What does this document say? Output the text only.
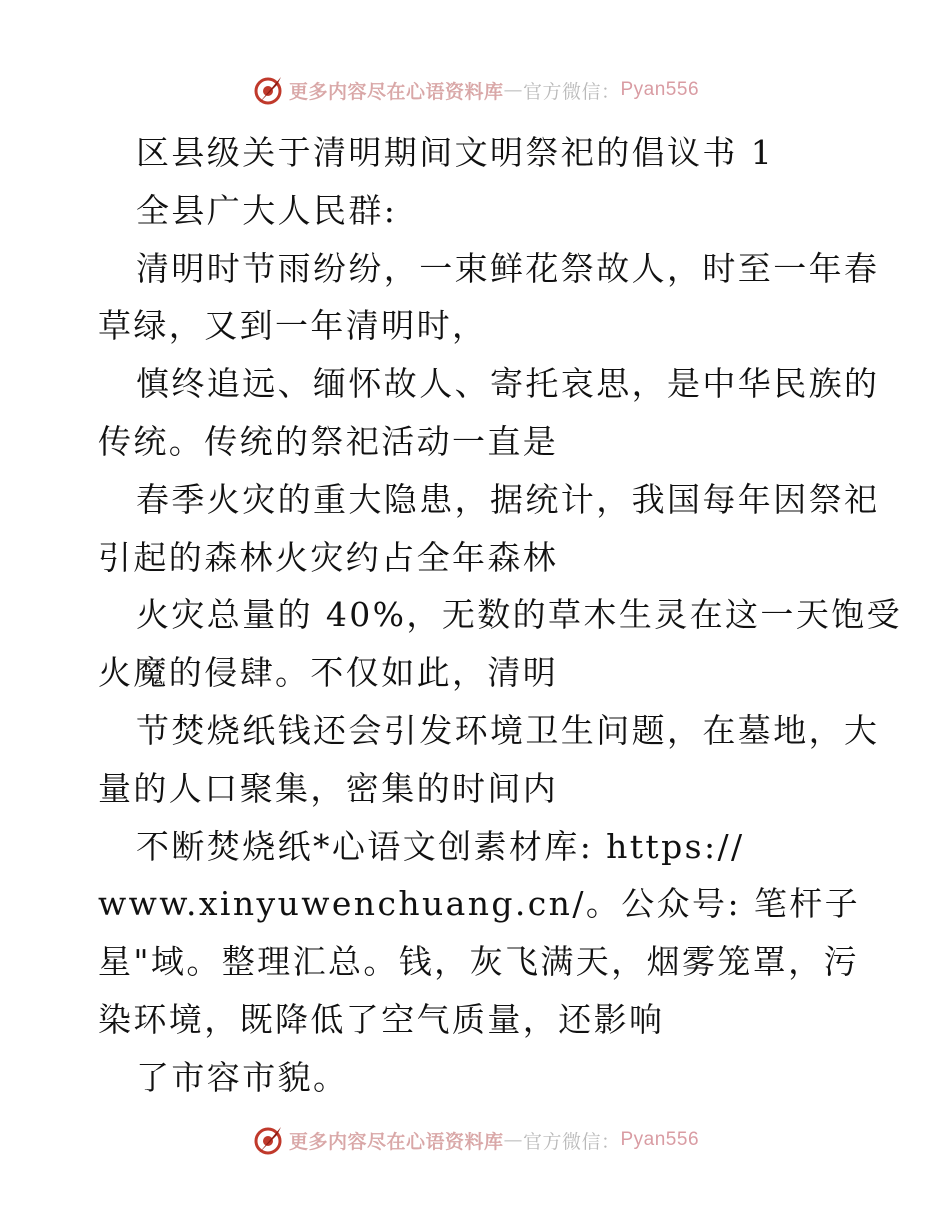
更多内容尽在心语资料库 — 官方微信： Pyan556
区县级关于清明期间文明祭祀的倡议书 1
全县广大人民群:
清明时节雨纷纷，一束鲜花祭故人，时至一年春
草绿，又到一年清明时，
慎终追远、缅怀故人、寄托哀思，是中华民族的
传统。传统的祭祀活动一直是
春季火灾的重大隐患，据统计，我国每年因祭祀
引起的森林火灾约占全年森林
火灾总量的 40%，无数的草木生灵在这一天饱受
火魔的侵肆。不仅如此，清明
节焚烧纸钱还会引发环境卫生问题，在墓地，大
量的人口聚集，密集的时间内
不断焚烧纸*心语文创素材库: https://
www.xinyuwenchuang.cn/。公众号: 笔杆子
星"域。整理汇总。钱，灰飞满天，烟雾笼罩，污
染环境，既降低了空气质量，还影响
了市容市貌。
更多内容尽在心语资料库 — 官方微信： Pyan556
